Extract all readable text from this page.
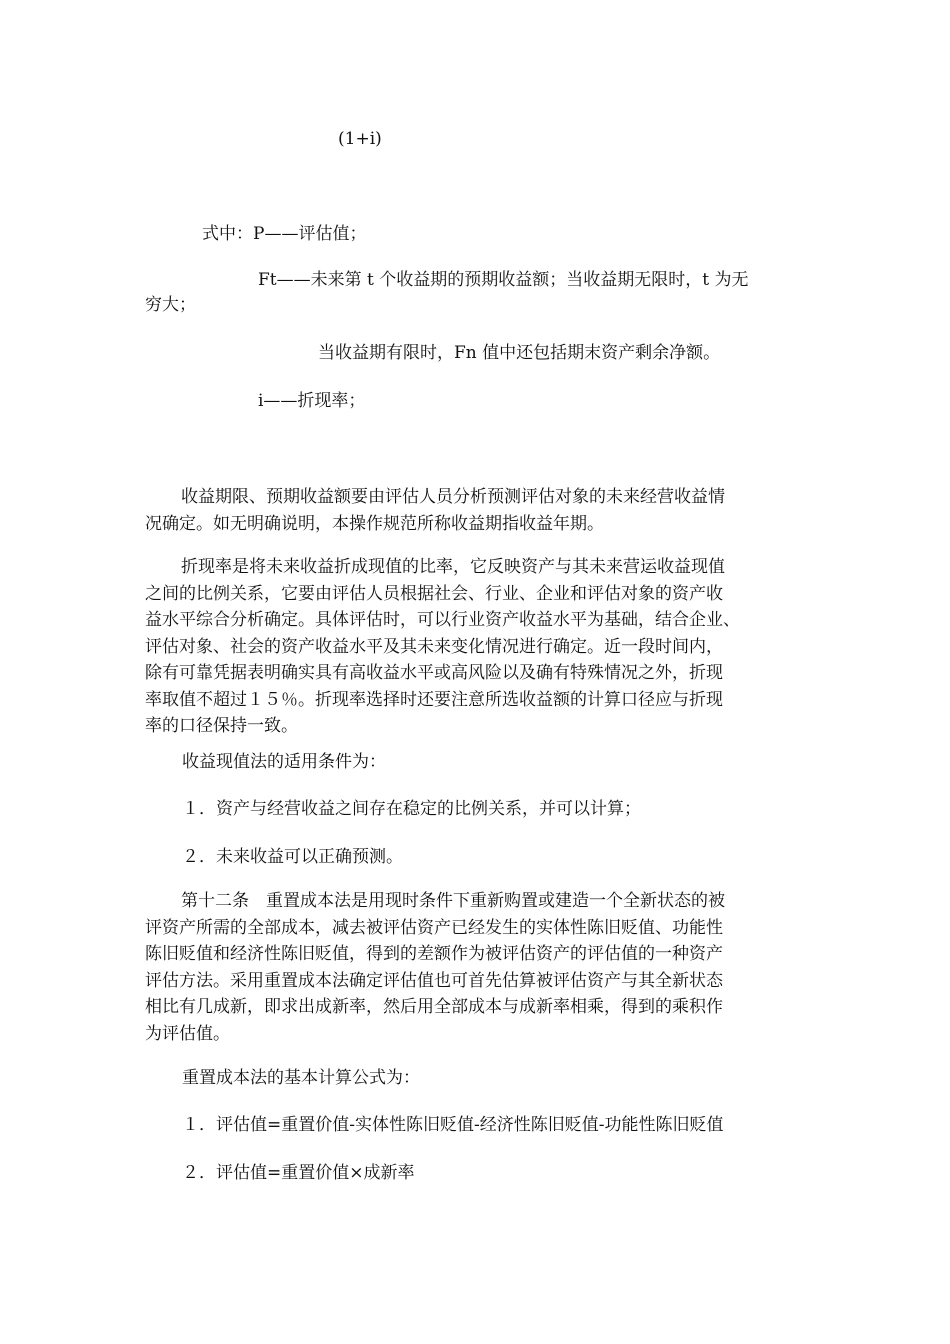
(1+i)
式中：P——评估值；
Ft——未来第 t 个收益期的预期收益额；当收益期无限时，t 为无
穷大；
当收益期有限时，Fn 值中还包括期末资产剩余净额。
i——折现率；
收益期限、预期收益额要由评估人员分析预测评估对象的未来经营收益情
况确定。如无明确说明，本操作规范所称收益期指收益年期。
折现率是将未来收益折成现值的比率，它反映资产与其未来营运收益现值
之间的比例关系，它要由评估人员根据社会、行业、企业和评估对象的资产收
益水平综合分析确定。具体评估时，可以行业资产收益水平为基础，结合企业、
评估对象、社会的资产收益水平及其未来变化情况进行确定。近一段时间内，
除有可靠凭据表明确实具有高收益水平或高风险以及确有特殊情况之外，折现
率取值不超过１５％。折现率选择时还要注意所选收益额的计算口径应与折现
率的口径保持一致。
收益现值法的适用条件为：
１．资产与经营收益之间存在稳定的比例关系，并可以计算；
２．未来收益可以正确预测。
第十二条　重置成本法是用现时条件下重新购置或建造一个全新状态的被
评资产所需的全部成本，减去被评估资产已经发生的实体性陈旧贬值、功能性
陈旧贬值和经济性陈旧贬值，得到的差额作为被评估资产的评估值的一种资产
评估方法。采用重置成本法确定评估值也可首先估算被评估资产与其全新状态
相比有几成新，即求出成新率，然后用全部成本与成新率相乘，得到的乘积作
为评估值。
重置成本法的基本计算公式为：
１．评估值=重置价值-实体性陈旧贬值-经济性陈旧贬值-功能性陈旧贬值
２．评估值=重置价值×成新率
